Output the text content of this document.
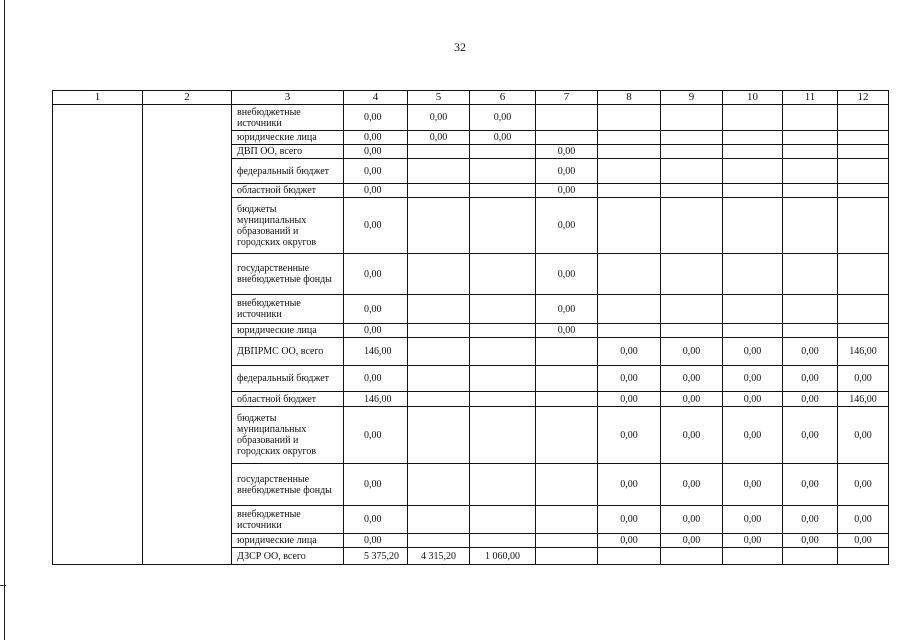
32
1	2	3	4	5	6	7	8	9	10	11	12	
		внебюджетные источники	0,00	0,00	0,00							
		юридические лица	0,00	0,00	0,00							
		ДВП ОО, всего	0,00			0,00						
		федеральный бюджет	0,00			0,00						
		областной бюджет	0,00			0,00						
		бюджеты муниципальных образований и городских округов	0,00			0,00						
		государственные внебюджетные фонды	0,00			0,00						
		внебюджетные источники	0,00			0,00						
		юридические лица	0,00			0,00						
		ДВПРМС ОО, всего	146,00				0,00	0,00	0,00	0,00	146,00	
		федеральный бюджет	0,00				0,00	0,00	0,00	0,00	0,00	
		областной бюджет	146,00				0,00	0,00	0,00	0,00	146,00	
		бюджеты муниципальных образований и городских округов	0,00				0,00	0,00	0,00	0,00	0,00	
		государственные внебюджетные фонды	0,00				0,00	0,00	0,00	0,00	0,00	
		внебюджетные источники	0,00				0,00	0,00	0,00	0,00	0,00	
		юридические лица	0,00				0,00	0,00	0,00	0,00	0,00	
		ДЗСР ОО, всего	5 375,20	4 315,20	1 060,00							
